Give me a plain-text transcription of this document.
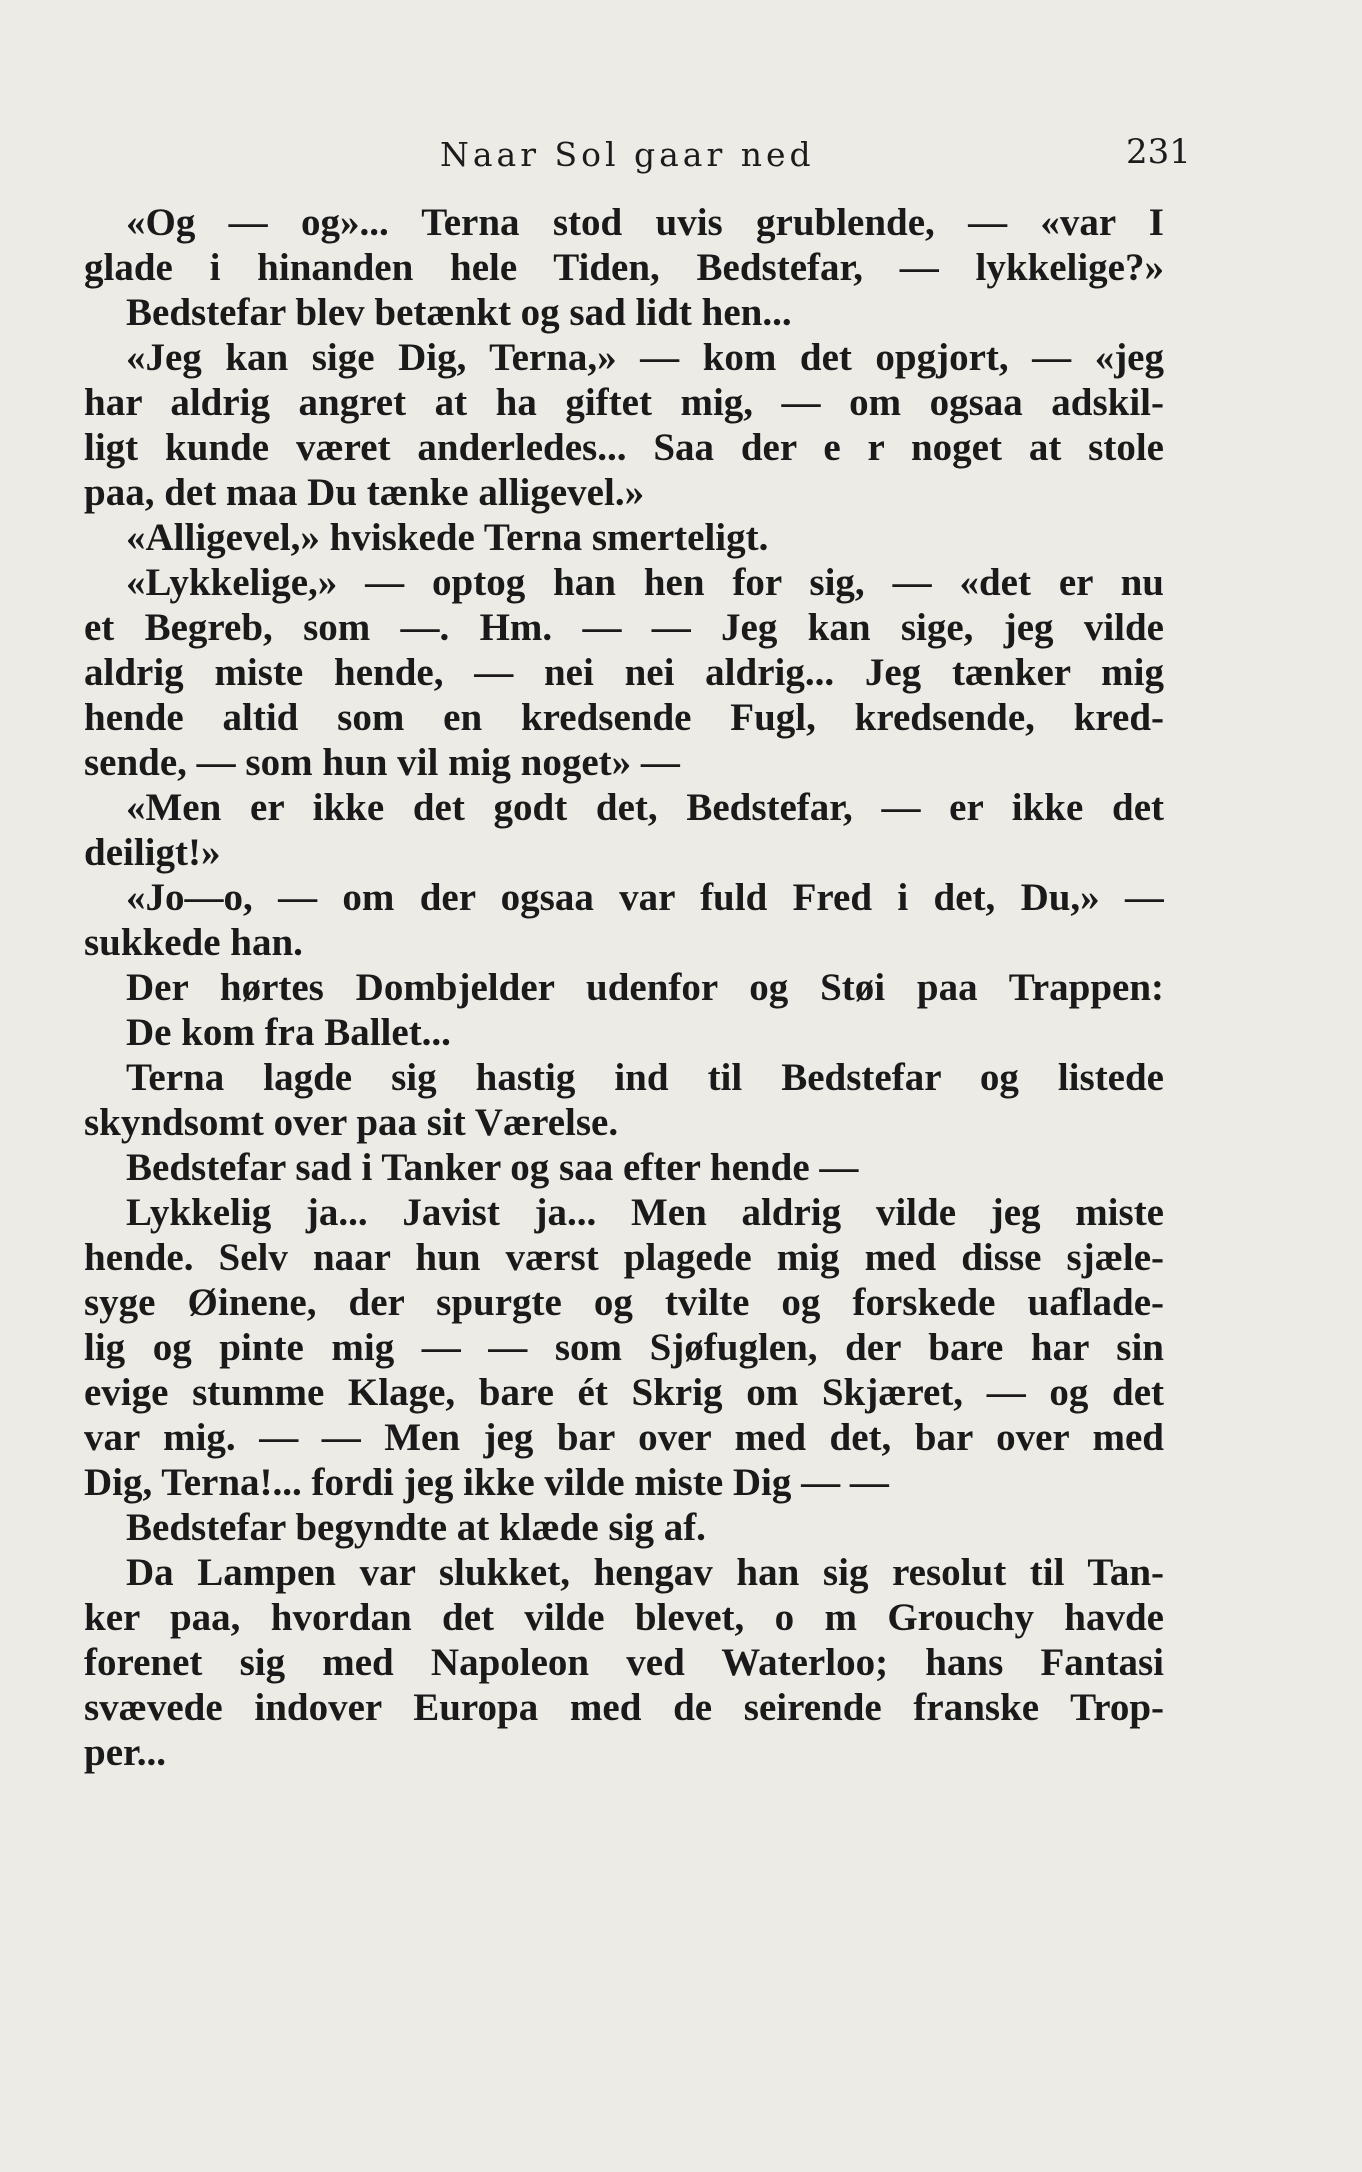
Naar Sol gaar ned	231
«Og — og»... Terna stod uvis grublende, — «var I
glade i hinanden hele Tiden, Bedstefar, — lykkelige?»
Bedstefar blev betænkt og sad lidt hen...
«Jeg kan sige Dig, Terna,» — kom det opgjort, — «jeg
har aldrig angret at ha giftet mig, — om ogsaa adskil-
ligt kunde været anderledes... Saa der e r noget at stole
paa, det maa Du tænke alligevel.»
«Alligevel,» hviskede Terna smerteligt.
«Lykkelige,» — optog han hen for sig, — «det er nu
et Begreb, som —. Hm. — — Jeg kan sige, jeg vilde
aldrig miste hende, — nei nei aldrig... Jeg tænker mig
hende altid som en kredsende Fugl, kredsende, kred-
sende, — som hun vil mig noget» —
«Men er ikke det godt det, Bedstefar, — er ikke det
deiligt!»
«Jo—o, — om der ogsaa var fuld Fred i det, Du,» —
sukkede han.
Der hørtes Dombjelder udenfor og Støi paa Trappen:
De kom fra Ballet...
Terna lagde sig hastig ind til Bedstefar og listede
skyndsomt over paa sit Værelse.
Bedstefar sad i Tanker og saa efter hende —
Lykkelig ja... Javist ja... Men aldrig vilde jeg miste
hende. Selv naar hun værst plagede mig med disse sjæle-
syge Øinene, der spurgte og tvilte og forskede uaflade-
lig og pinte mig — — som Sjøfuglen, der bare har sin
evige stumme Klage, bare ét Skrig om Skjæret, — og det
var mig. — — Men jeg bar over med det, bar over med
Dig, Terna!... fordi jeg ikke vilde miste Dig — —
Bedstefar begyndte at klæde sig af.
Da Lampen var slukket, hengav han sig resolut til Tan-
ker paa, hvordan det vilde blevet, o m Grouchy havde
forenet sig med Napoleon ved Waterloo; hans Fantasi
svævede indover Europa med de seirende franske Trop-
per...
